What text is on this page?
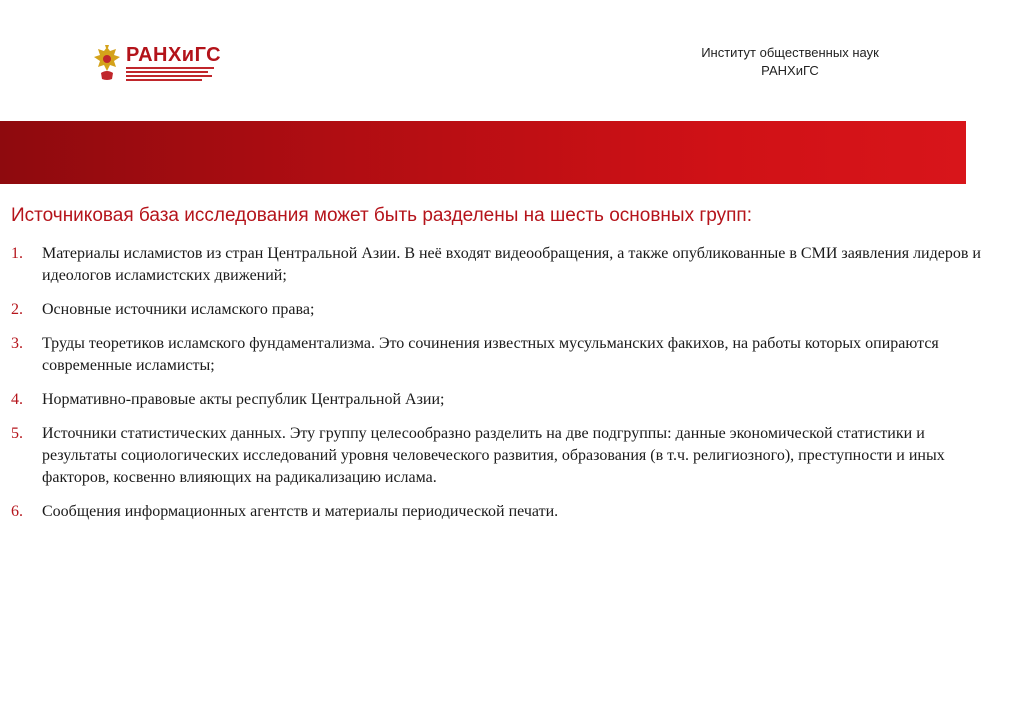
РАНХиГС	Институт общественных наук
РАНХиГС
Источниковая база исследования может быть разделены на шесть основных групп:
1.	Материалы исламистов из стран Центральной Азии. В неё входят видеообращения, а также опубликованные в СМИ заявления лидеров и идеологов исламистских движений;
2.	Основные источники исламского права;
3.	Труды теоретиков исламского фундаментализма. Это сочинения известных мусульманских факихов, на работы которых опираются современные исламисты;
4.	Нормативно-правовые акты республик Центральной Азии;
5.	Источники статистических данных. Эту группу целесообразно разделить на две подгруппы: данные экономической статистики и результаты социологических исследований уровня человеческого развития, образования (в т.ч. религиозного), преступности и иных факторов, косвенно влияющих на радикализацию ислама.
6.	Сообщения информационных агентств и материалы периодической печати.
